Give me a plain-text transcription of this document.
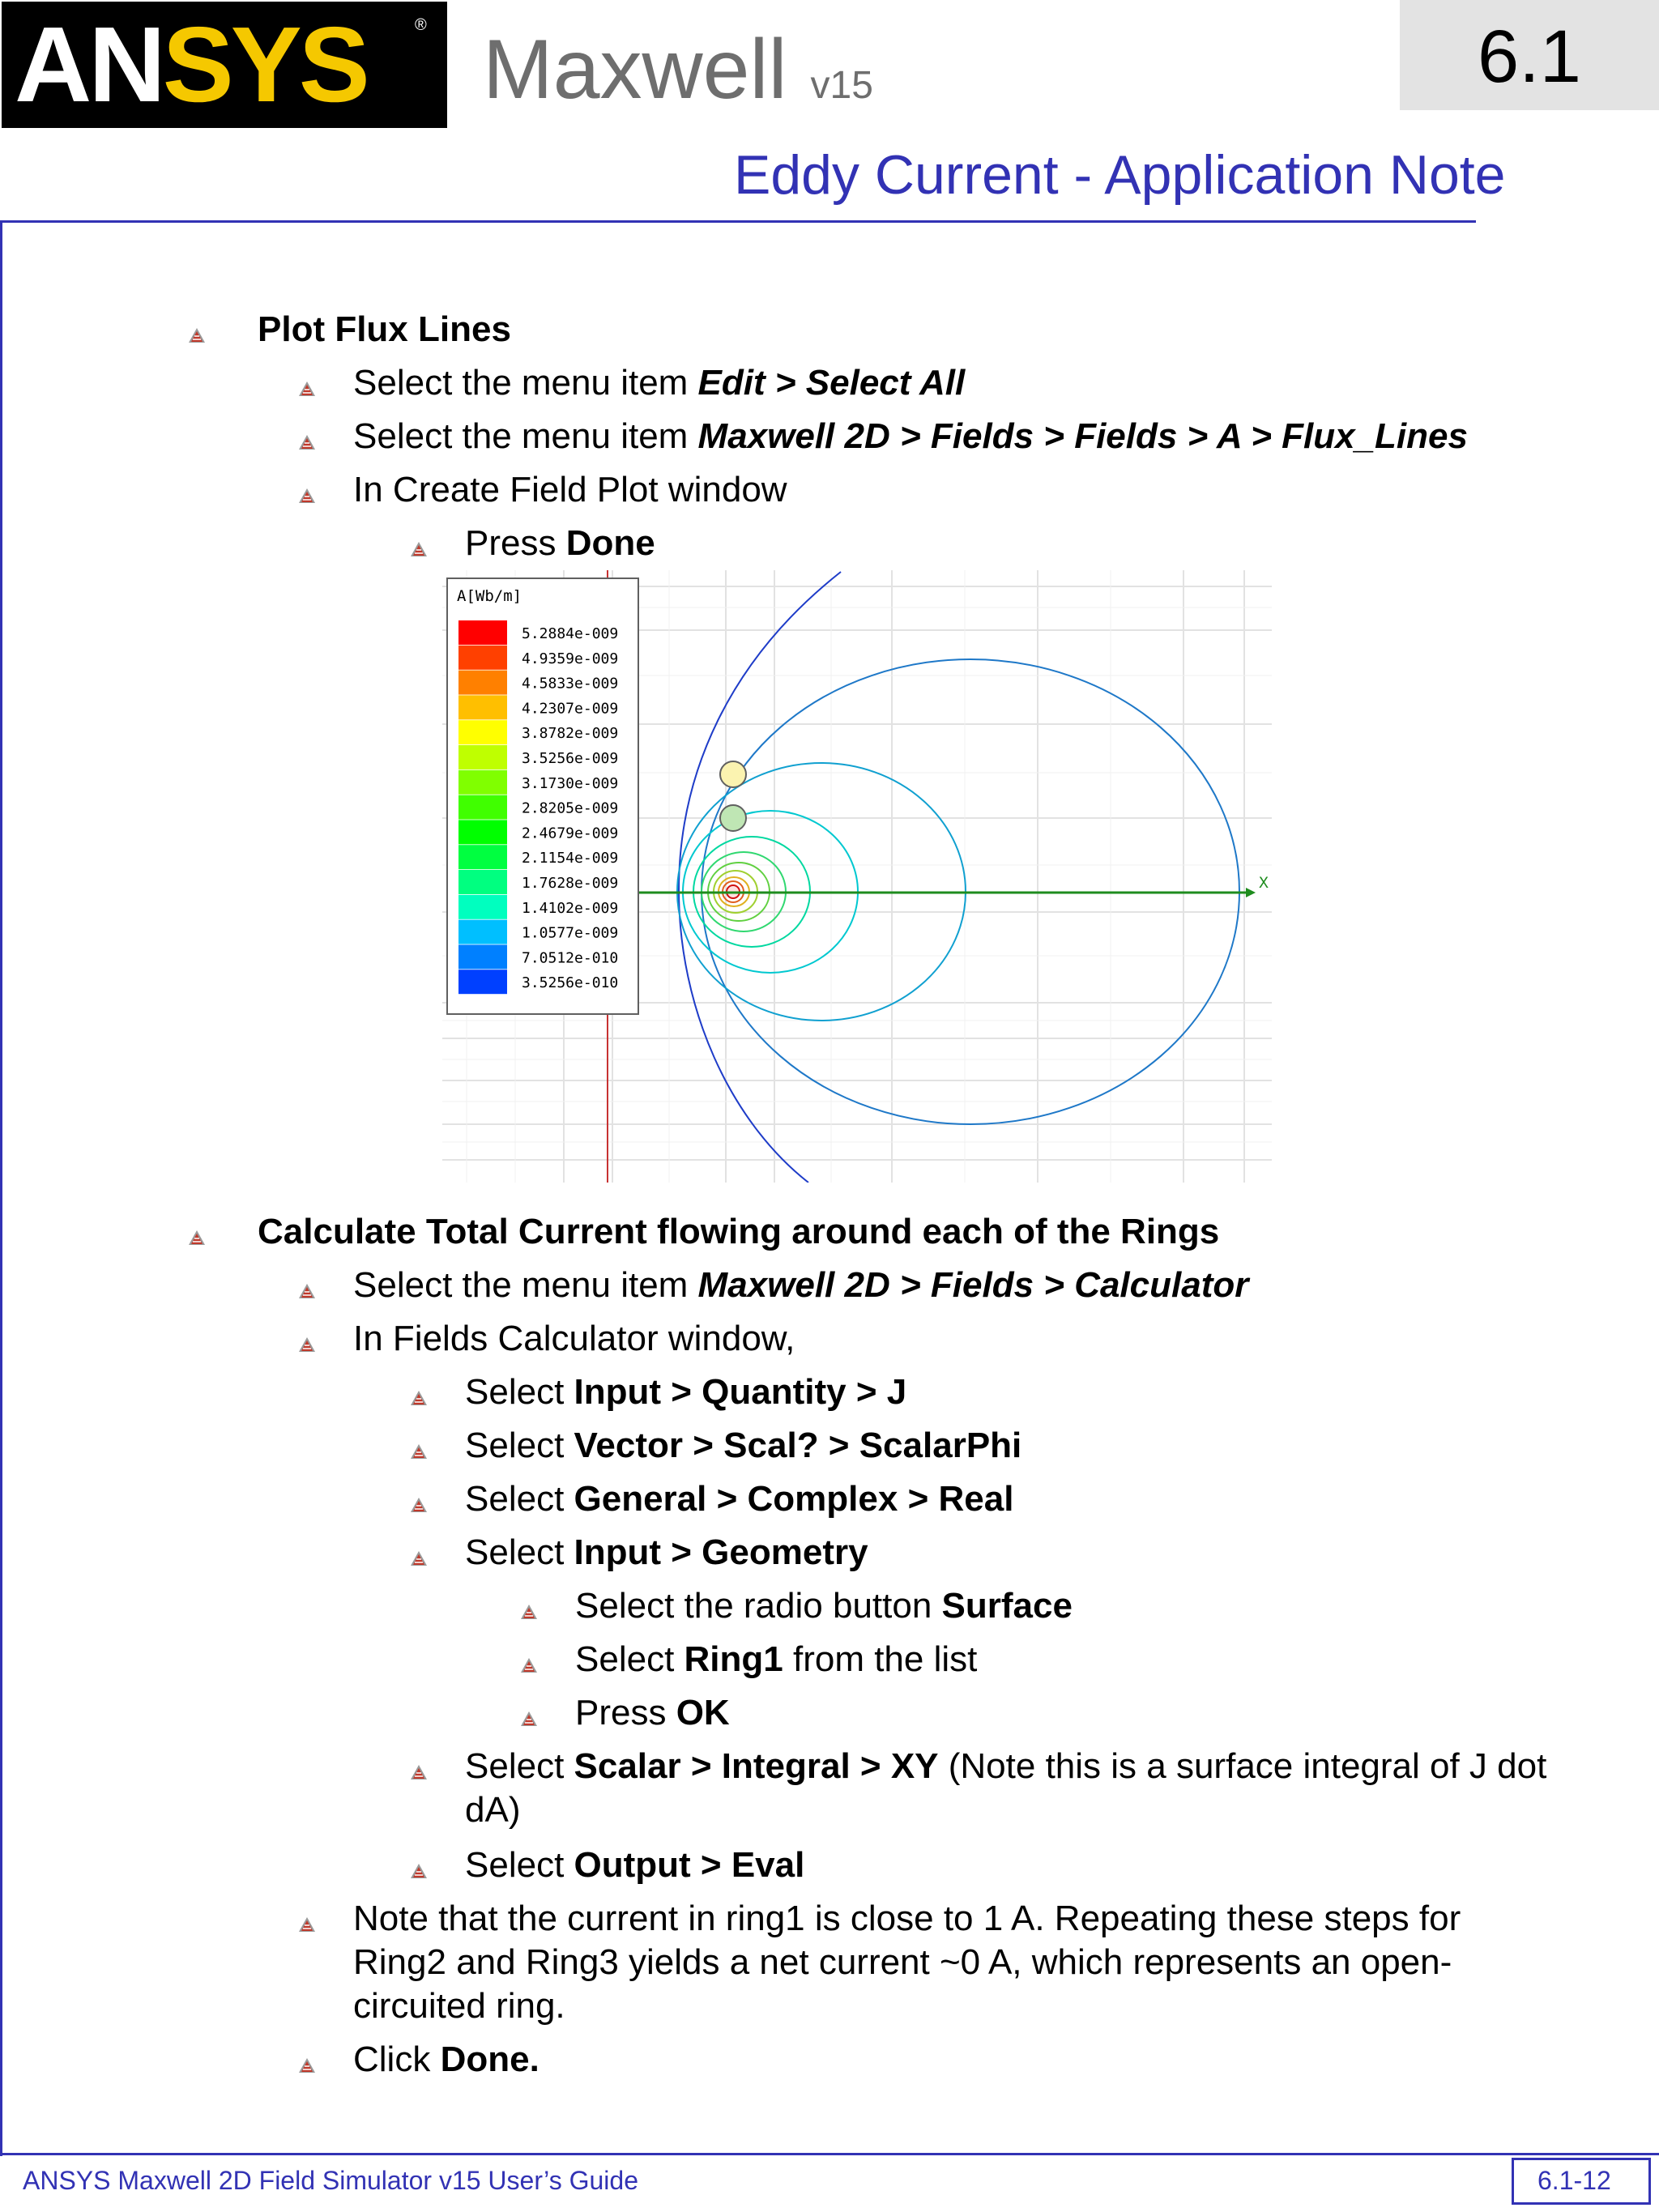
ANSYS	® Maxwell v15	6.1
Eddy Current - Application Note
Plot Flux Lines
Select the menu item Edit > Select All
Select the menu item Maxwell 2D > Fields > Fields > A > Flux_Lines
In Create Field Plot window
Press Done
X
A[Wb/m]
5.2884e-009
4.9359e-009
4.5833e-009
4.2307e-009
3.8782e-009
3.5256e-009
3.1730e-009
2.8205e-009
2.4679e-009
2.1154e-009
1.7628e-009
1.4102e-009
1.0577e-009
7.0512e-010
3.5256e-010
Calculate Total Current flowing around each of the Rings
Select the menu item Maxwell 2D > Fields > Calculator
In Fields Calculator window,
Select Input > Quantity > J
Select Vector > Scal? > ScalarPhi
Select General > Complex > Real
Select Input > Geometry
Select the radio button Surface
Select Ring1 from the list
Press OK
Select Scalar > Integral > XY (Note this is a surface integral of J dot dA)
Select Output > Eval
Note that the current in ring1 is close to 1 A. Repeating these steps for Ring2 and Ring3 yields a net current ~0 A, which represents an open-circuited ring.
Click Done.
ANSYS Maxwell 2D Field Simulator v15 User’s Guide	6.1-12
